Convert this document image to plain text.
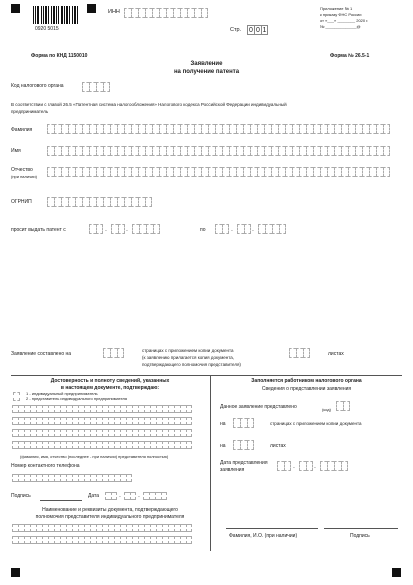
0920 5015
ИНН
Стр. 0 0 1
Приложение № 1
к приказу ФНС России
от «___» ________ 2020 г.
№ ______________@
Форма по КНД 1150010	Форма № 26.5-1
Заявление
на получение патента
Код налогового органа
В соответствии с главой 26.5 «Патентная система налогообложения» Налогового кодекса Российской Федерации индивидуальный
предприниматель
Фамилия
Имя
Отчество
(при наличии)
ОГРНИП
просит выдать патент с	.	.	по	.	.
Заявление составлено на
страницах с приложением копии документа
(к заявлению прилагается копия документа,
подтверждающего полномочия представителя)
листах
Достоверность и полноту сведений, указанных
в настоящем документе, подтверждаю:
1 - индивидуальный предприниматель
2 - представитель индивидуального предпринимателя
(фамилия, имя, отчество (последнее - при наличии) представителя полностью)
Номер контактного телефона
Подпись	Дата	. .
Наименование и реквизиты документа, подтверждающего
полномочия представителя индивидуального предпринимателя
Заполняется работником налогового органа
Сведения о представлении заявления
Данное заявление представлено	(код)
на	страницах с приложением копии документа
на	листах
Дата представления
заявления	.	.
Фамилия, И.О. (при наличии)	Подпись
